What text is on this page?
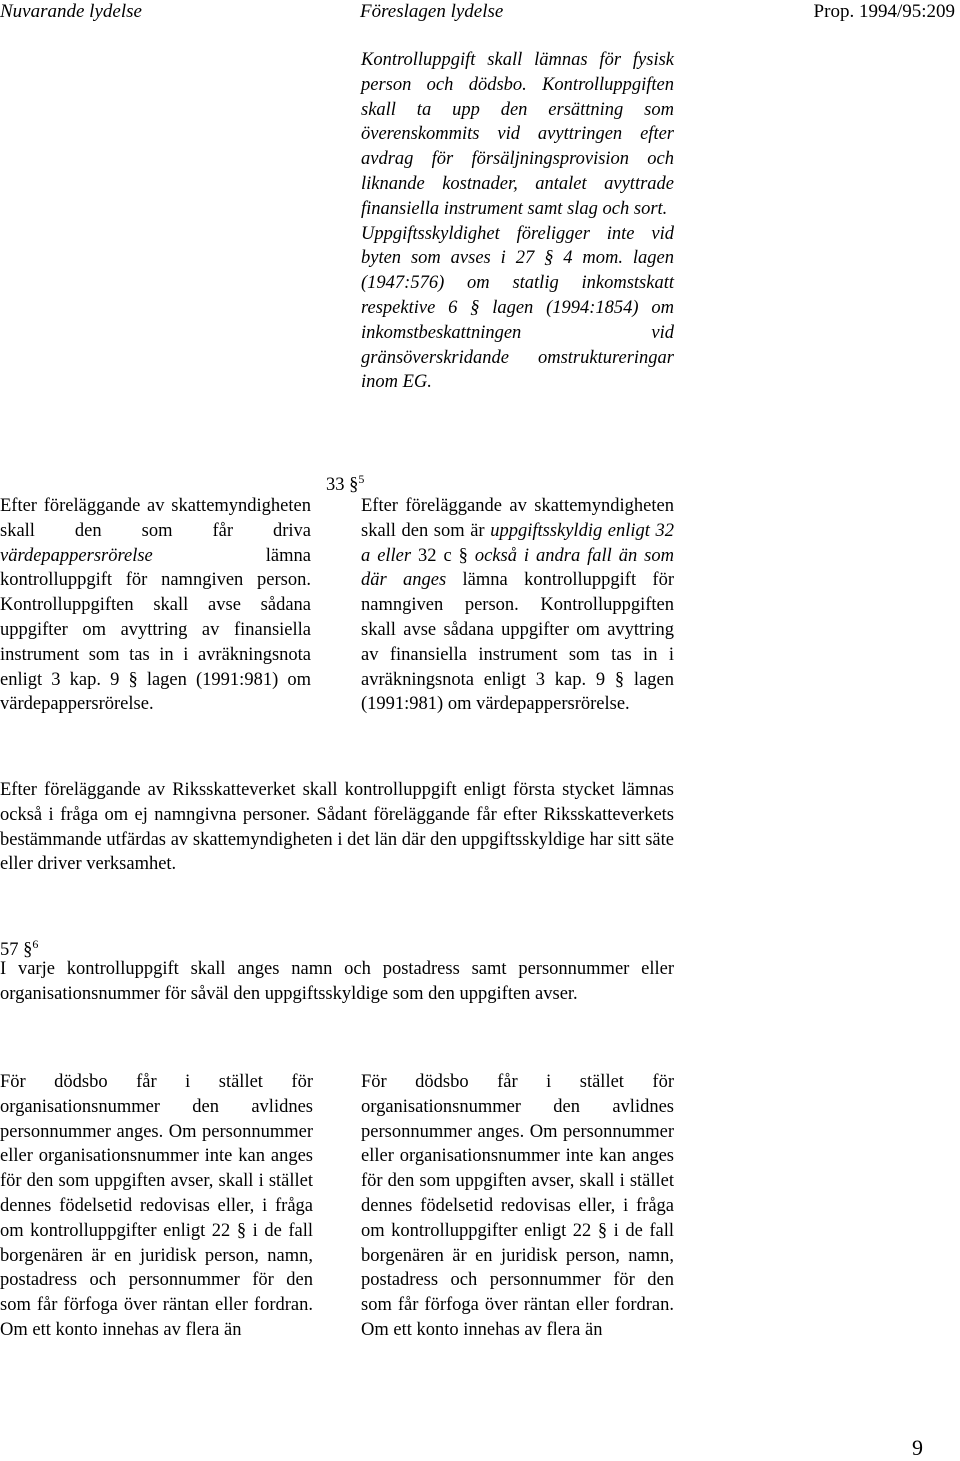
Nuvarande lydelse	Föreslagen lydelse	Prop. 1994/95:209

Kontrolluppgift skall lämnas för fysisk person och dödsbo. Kontrolluppgiften skall ta upp den ersättning som överenskommits vid avyttringen efter avdrag för försäljningsprovision och liknande kostnader, antalet avyttrade finansiella instrument samt slag och sort.

Uppgiftsskyldighet föreligger inte vid byten som avses i 27 § 4 mom. lagen (1947:576) om statlig inkomstskatt respektive 6 § lagen (1994:1854) om inkomstbeskattningen vid gränsöverskridande omstruktureringar inom EG.

33 §$^5$

Efter föreläggande av skattemyndigheten skall den som får driva värdepappersrörelse lämna kontrolluppgift för namngiven person. Kontrolluppgiften skall avse sådana uppgifter om avyttring av finansiella instrument som tas in i avräkningsnota enligt 3 kap. 9 § lagen (1991:981) om värdepappersrörelse.

Efter föreläggande av skattemyndigheten skall den som är uppgiftsskyldig enligt 32 a eller 32 c § också i andra fall än som där anges lämna kontrolluppgift för namngiven person. Kontrolluppgiften skall avse sådana uppgifter om avyttring av finansiella instrument som tas in i avräkningsnota enligt 3 kap. 9 § lagen (1991:981) om värdepappersrörelse.

Efter föreläggande av Riksskatteverket skall kontrolluppgift enligt första stycket lämnas också i fråga om ej namngivna personer. Sådant föreläggande får efter Riksskatteverkets bestämmande utfärdas av skattemyndigheten i det län där den uppgiftsskyldige har sitt säte eller driver verksamhet.

57 §$^6$

I varje kontrolluppgift skall anges namn och postadress samt personnummer eller organisationsnummer för såväl den uppgiftsskyldige som den uppgiften avser.

För dödsbo får i stället för organisationsnummer den avlidnes personnummer anges. Om personnummer eller organisationsnummer inte kan anges för den som uppgiften avser, skall i stället dennes födelsetid redovisas eller, i fråga om kontrolluppgifter enligt 22 § i de fall borgenären är en juridisk person, namn, postadress och personnummer för den som får förfoga över räntan eller fordran. Om ett konto innehas av flera än

För dödsbo får i stället för organisationsnummer den avlidnes personnummer anges. Om personnummer eller organisationsnummer inte kan anges för den som uppgiften avser, skall i stället dennes födelsetid redovisas eller, i fråga om kontrolluppgifter enligt 22 § i de fall borgenären är en juridisk person, namn, postadress och personnummer för den som får förfoga över räntan eller fordran. Om ett konto innehas av flera än

9
